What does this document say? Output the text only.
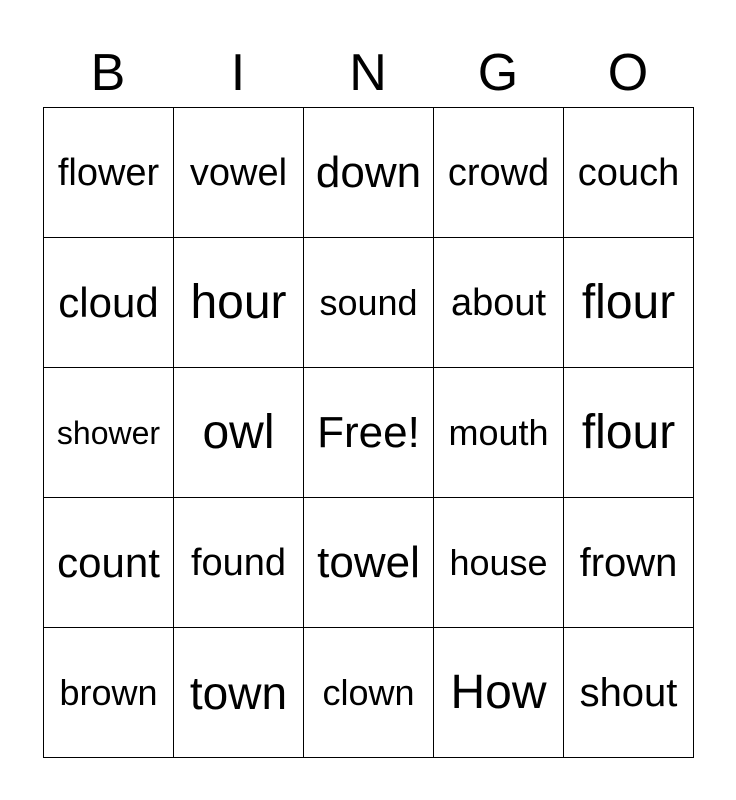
B	I	N	G	O
flower vowel down crowd couch
cloud hour sound about flour
shower owl Free! mouth flour
count found towel house frown
brown town clown How shout
